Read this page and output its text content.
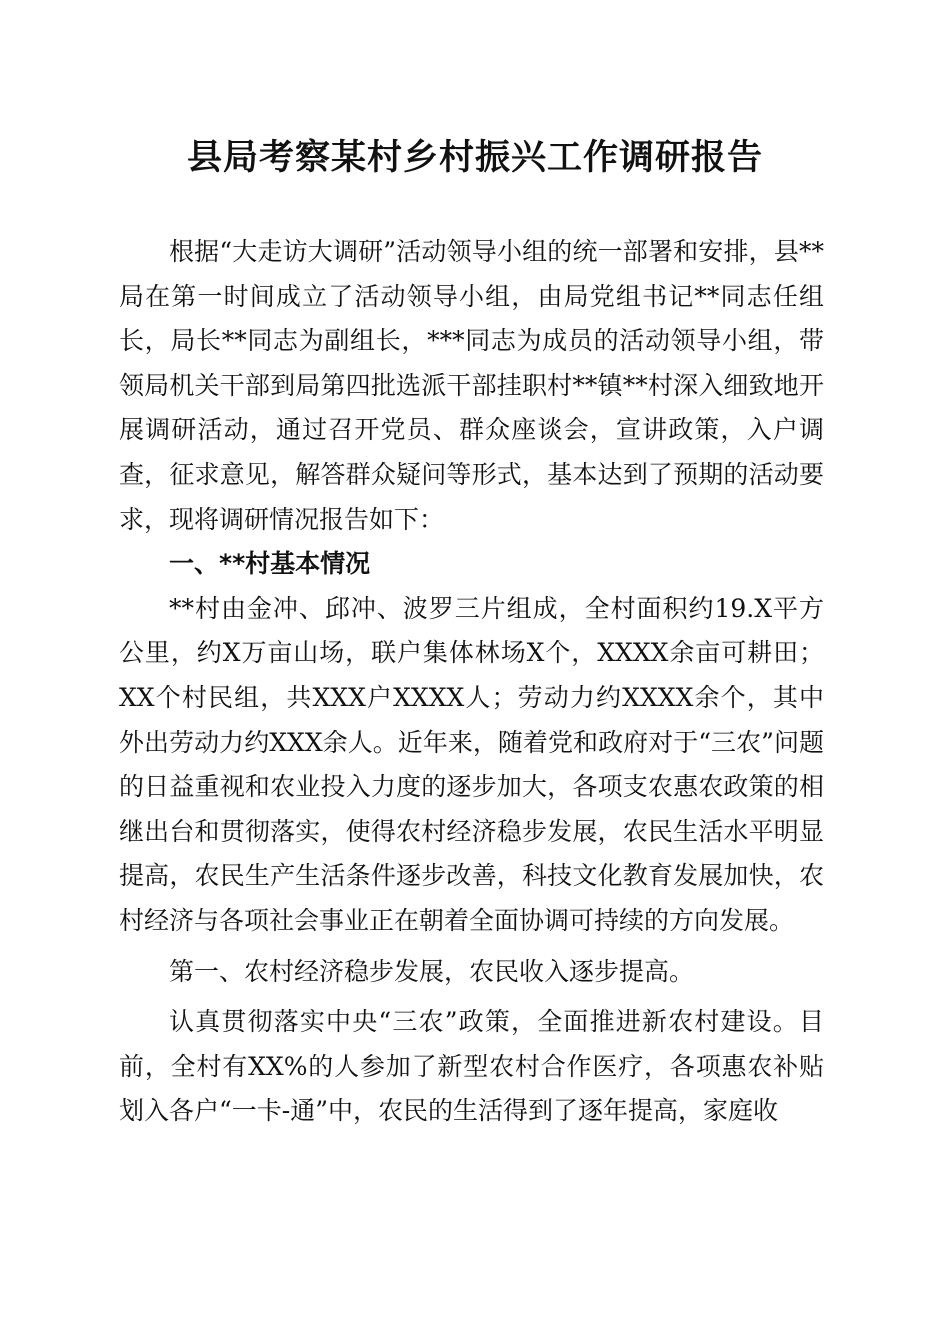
县局考察某村乡村振兴工作调研报告

根据“大走访大调研”活动领导小组的统一部署和安排，县**局在第一时间成立了活动领导小组，由局党组书记**同志任组长，局长**同志为副组长，***同志为成员的活动领导小组，带领局机关干部到局第四批选派干部挂职村**镇**村深入细致地开展调研活动，通过召开党员、群众座谈会，宣讲政策，入户调查，征求意见，解答群众疑问等形式，基本达到了预期的活动要求，现将调研情况报告如下：

一、**村基本情况

**村由金冲、邱冲、波罗三片组成，全村面积约19.X平方公里，约X万亩山场，联户集体林场X个，XXXX余亩可耕田；XX个村民组，共XXX户XXXX人；劳动力约XXXX余个，其中外出劳动力约XXX余人。近年来，随着党和政府对于“三农”问题的日益重视和农业投入力度的逐步加大，各项支农惠农政策的相继出台和贯彻落实，使得农村经济稳步发展，农民生活水平明显提高，农民生产生活条件逐步改善，科技文化教育发展加快，农村经济与各项社会事业正在朝着全面协调可持续的方向发展。

第一、农村经济稳步发展，农民收入逐步提高。

认真贯彻落实中央“三农”政策，全面推进新农村建设。目前，全村有XX%的人参加了新型农村合作医疗，各项惠农补贴划入各户“一卡-通”中，农民的生活得到了逐年提高，家庭收
